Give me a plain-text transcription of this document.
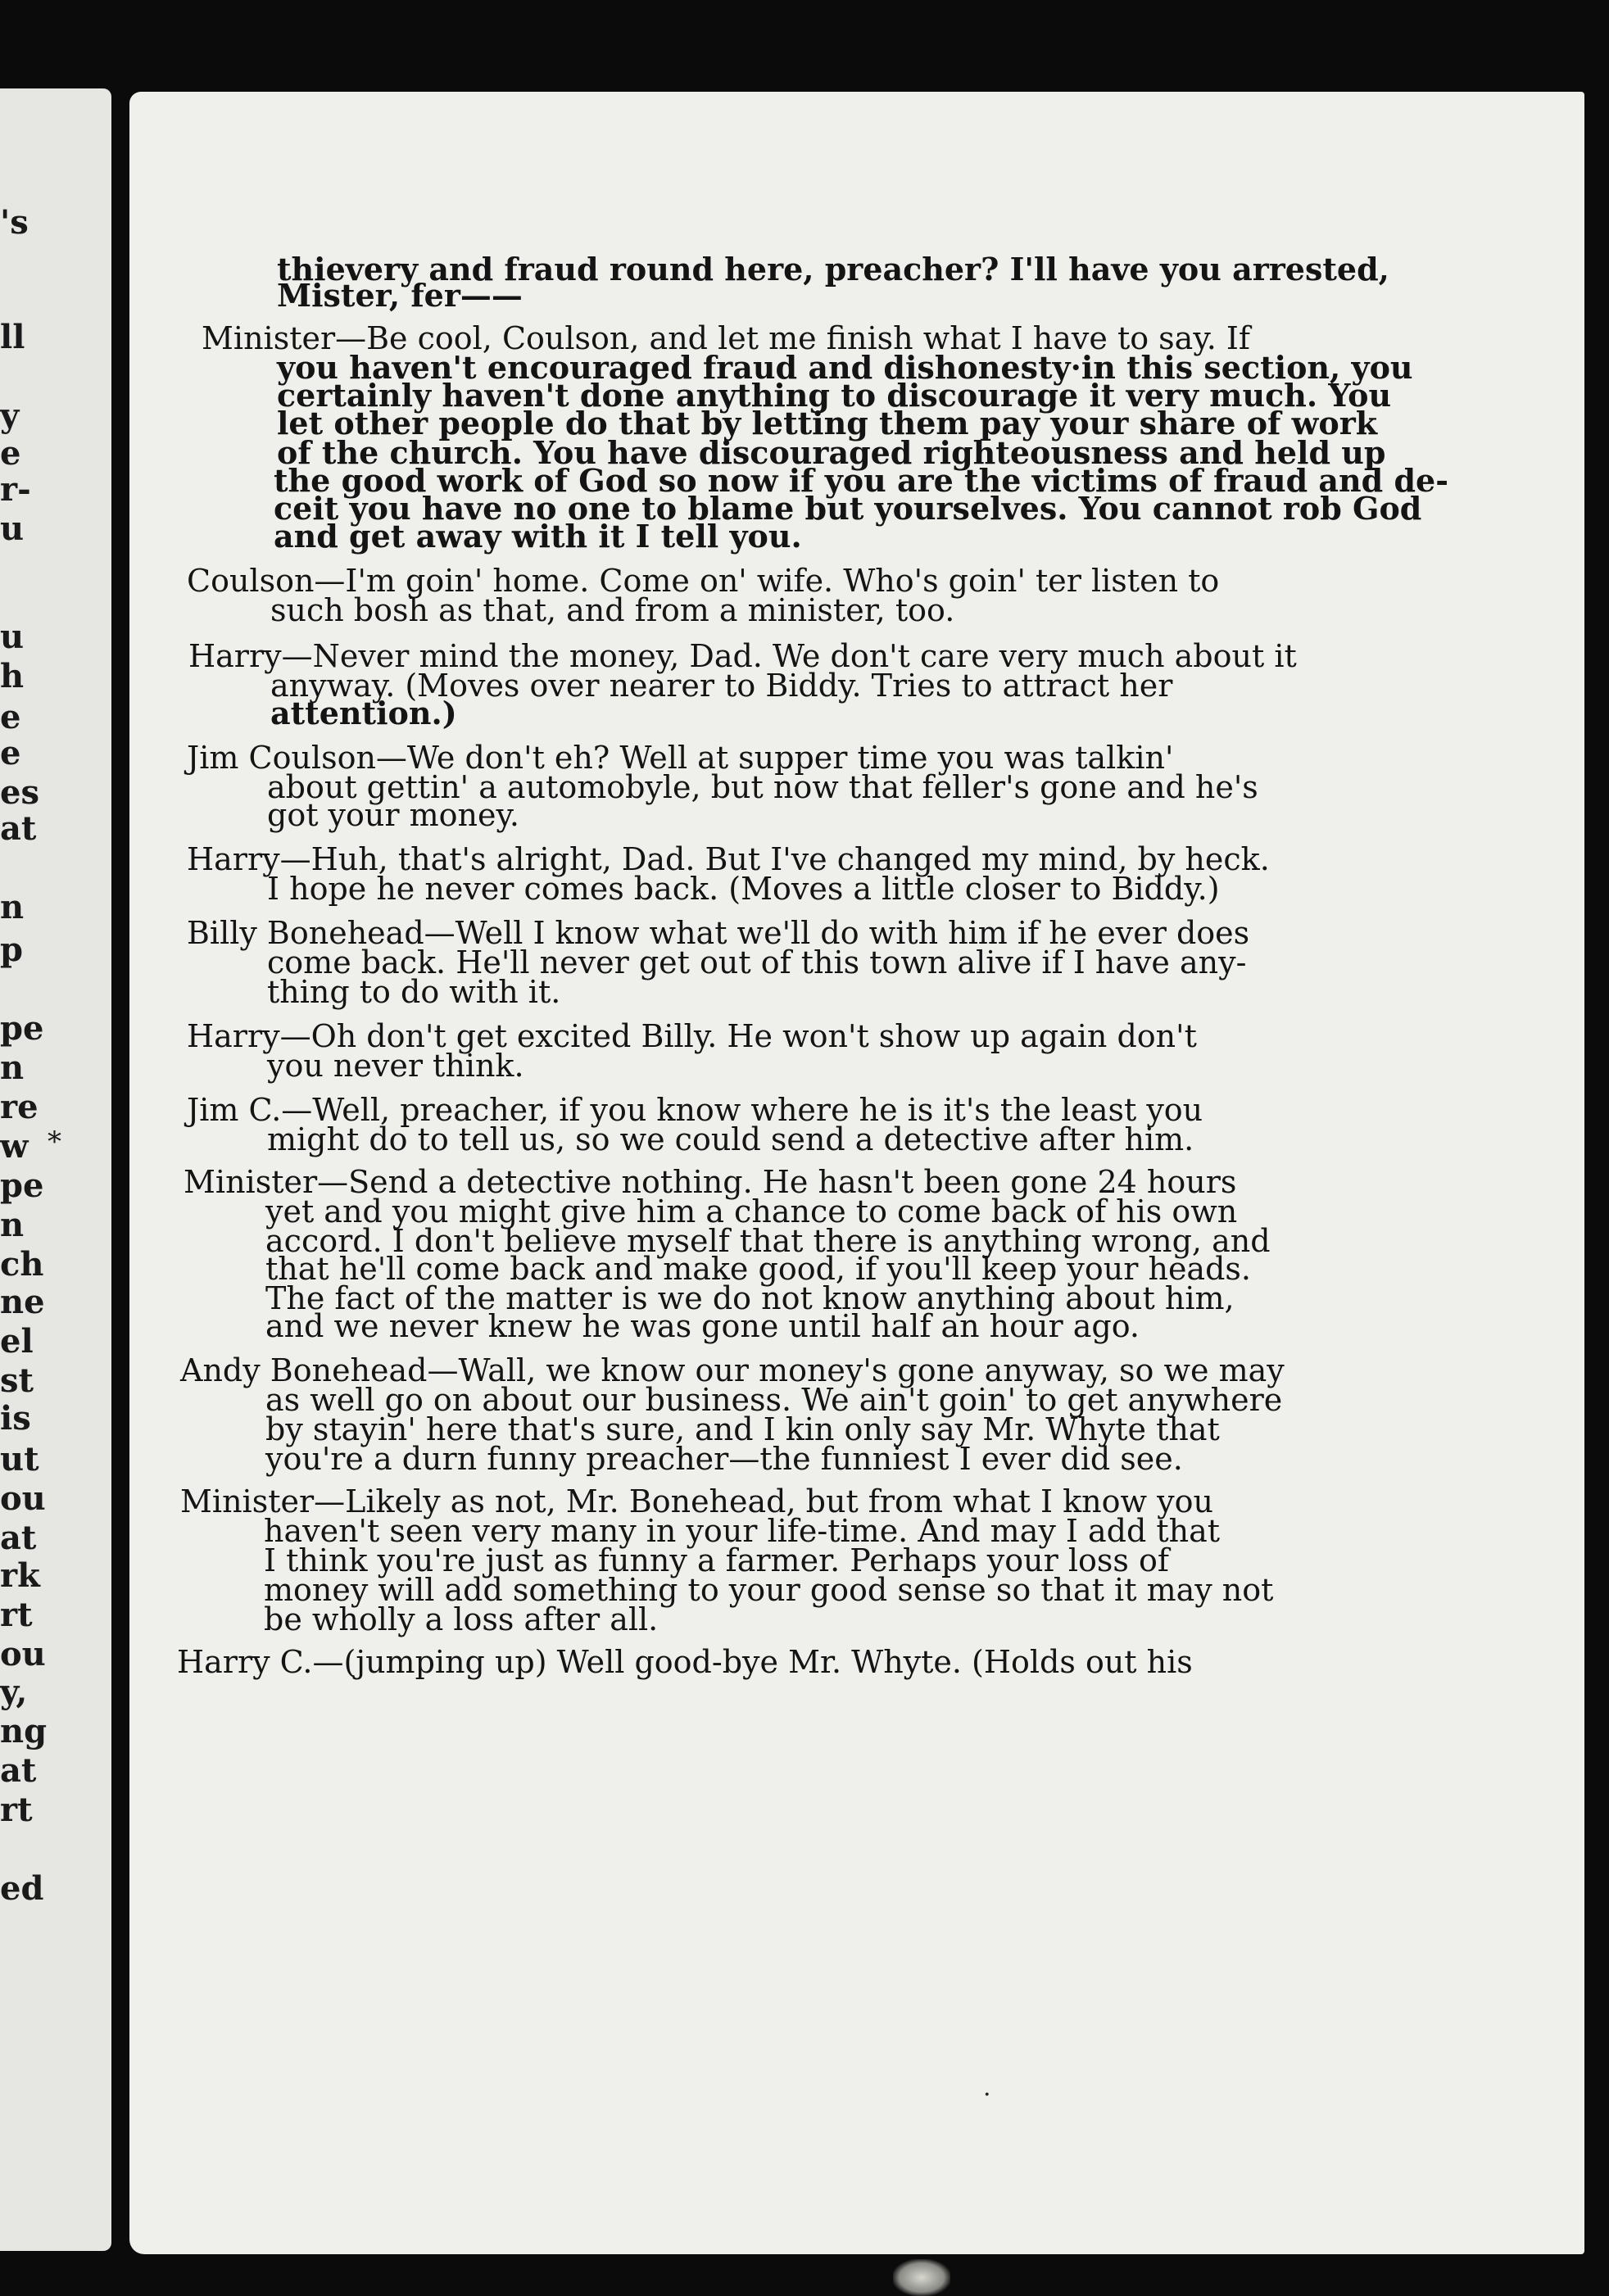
's
ll
y
e
r-
u
u
h
e
e
es
at
n
p
pe
n
re
w
pe
n
ch
ne
el
st
is
ut
ou
at
rk
rt
ou
y,
ng
at
rt
ed
thievery and fraud round here, preacher? I'll have you arrested,
Mister, fer——
Minister—Be cool, Coulson, and let me finish what I have to say. If
you haven't encouraged fraud and dishonesty·in this section, you
certainly haven't done anything to discourage it very much. You
let other people do that by letting them pay your share of work
of the church. You have discouraged righteousness and held up
the good work of God so now if you are the victims of fraud and de-
ceit you have no one to blame but yourselves. You cannot rob God
and get away with it I tell you.
Coulson—I'm goin' home. Come on' wife. Who's goin' ter listen to
such bosh as that, and from a minister, too.
Harry—Never mind the money, Dad. We don't care very much about it
anyway. (Moves over nearer to Biddy. Tries to attract her
attention.)
Jim Coulson—We don't eh? Well at supper time you was talkin'
about gettin' a automobyle, but now that feller's gone and he's
got your money.
Harry—Huh, that's alright, Dad. But I've changed my mind, by heck.
I hope he never comes back. (Moves a little closer to Biddy.)
Billy Bonehead—Well I know what we'll do with him if he ever does
come back. He'll never get out of this town alive if I have any-
thing to do with it.
Harry—Oh don't get excited Billy. He won't show up again don't
you never think.
Jim C.—Well, preacher, if you know where he is it's the least you
might do to tell us, so we could send a detective after him.
Minister—Send a detective nothing. He hasn't been gone 24 hours
yet and you might give him a chance to come back of his own
accord. I don't believe myself that there is anything wrong, and
that he'll come back and make good, if you'll keep your heads.
The fact of the matter is we do not know anything about him,
and we never knew he was gone until half an hour ago.
Andy Bonehead—Wall, we know our money's gone anyway, so we may
as well go on about our business. We ain't goin' to get anywhere
by stayin' here that's sure, and I kin only say Mr. Whyte that
you're a durn funny preacher—the funniest I ever did see.
Minister—Likely as not, Mr. Bonehead, but from what I know you
haven't seen very many in your life-time. And may I add that
I think you're just as funny a farmer. Perhaps your loss of
money will add something to your good sense so that it may not
be wholly a loss after all.
Harry C.—(jumping up) Well good-bye Mr. Whyte. (Holds out his
·
*
